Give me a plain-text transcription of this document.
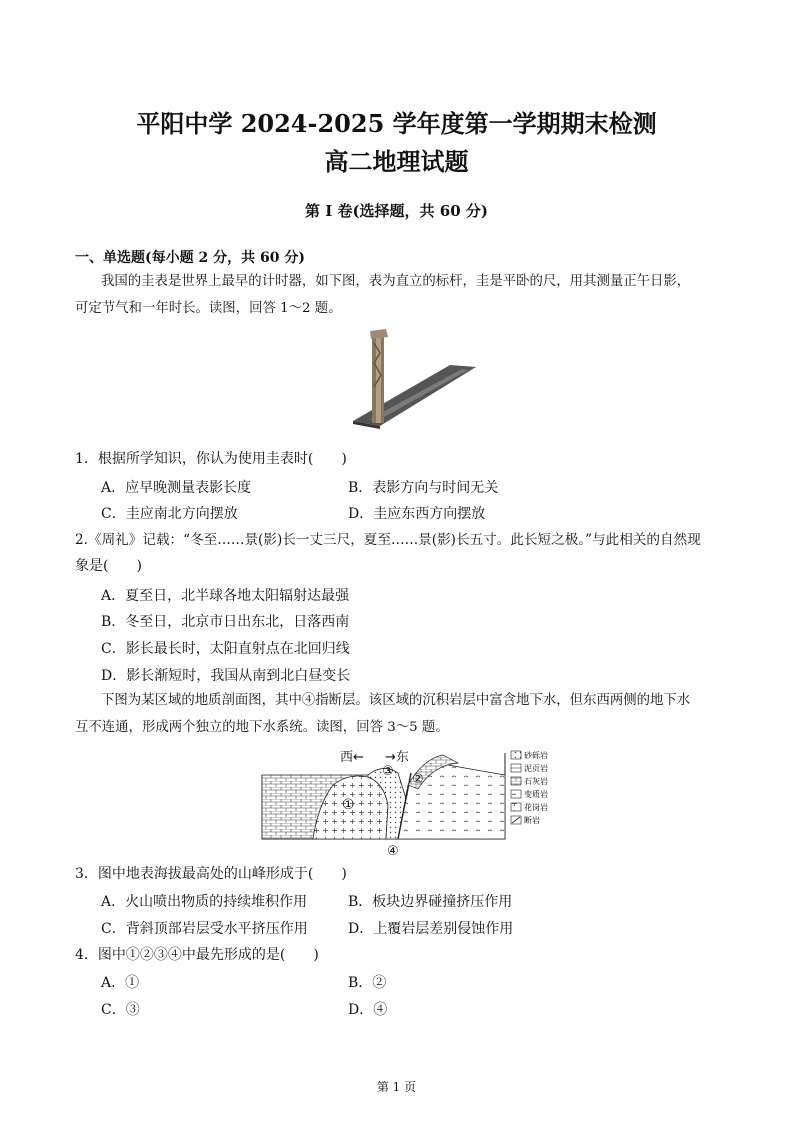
平阳中学 2024-2025 学年度第一学期期末检测
高二地理试题
第 I 卷(选择题，共 60 分)
一、单选题(每小题 2 分，共 60 分)
我国的圭表是世界上最早的计时器，如下图，表为直立的标杆，圭是平卧的尺，用其测量正午日影，
可定节气和一年时长。读图，回答 1～2 题。
1．根据所学知识，你认为使用圭表时(　　)
A．应早晚测量表影长度	B．表影方向与时间无关
C．圭应南北方向摆放	D．圭应东西方向摆放
2.《周礼》记载：“冬至……景(影)长一丈三尺，夏至……景(影)长五寸。此长短之极。”与此相关的自然现
象是(　　)
A．夏至日，北半球各地太阳辐射达最强
B．冬至日，北京市日出东北，日落西南
C．影长最长时，太阳直射点在北回归线
D．影长渐短时，我国从南到北白昼变长
下图为某区域的地质剖面图，其中④指断层。该区域的沉积岩层中富含地下水，但东西两侧的地下水
互不连通，形成两个独立的地下水系统。读图，回答 3～5 题。
西← →东
③
②
①
④
砂砾岩
泥页岩
石灰岩
变质岩
花岗岩
断岩
3．图中地表海拔最高处的山峰形成于(　　)
A．火山喷出物质的持续堆积作用	B．板块边界碰撞挤压作用
C．背斜顶部岩层受水平挤压作用	D．上覆岩层差别侵蚀作用
4．图中①②③④中最先形成的是(　　)
A．①	B．②
C．③	D．④
第 1 页
